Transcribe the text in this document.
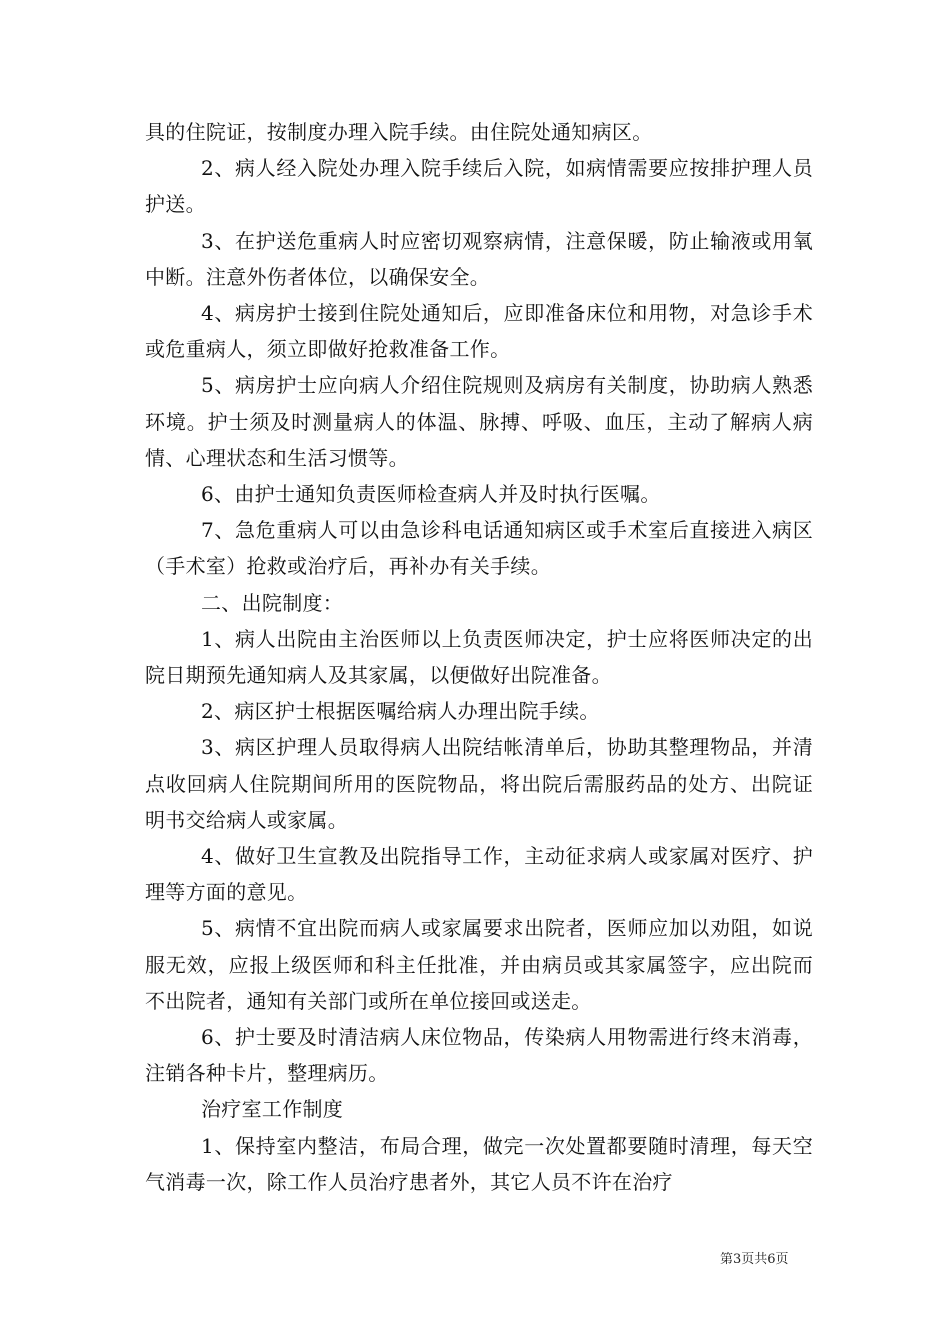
具的住院证，按制度办理入院手续。由住院处通知病区。

2、病人经入院处办理入院手续后入院，如病情需要应按排护理人员护送。

3、在护送危重病人时应密切观察病情，注意保暖，防止输液或用氧中断。注意外伤者体位，以确保安全。

4、病房护士接到住院处通知后，应即准备床位和用物，对急诊手术或危重病人，须立即做好抢救准备工作。

5、病房护士应向病人介绍住院规则及病房有关制度，协助病人熟悉环境。护士须及时测量病人的体温、脉搏、呼吸、血压，主动了解病人病情、心理状态和生活习惯等。

6、由护士通知负责医师检查病人并及时执行医嘱。

7、急危重病人可以由急诊科电话通知病区或手术室后直接进入病区（手术室）抢救或治疗后，再补办有关手续。

二、出院制度：

1、病人出院由主治医师以上负责医师决定，护士应将医师决定的出院日期预先通知病人及其家属，以便做好出院准备。

2、病区护士根据医嘱给病人办理出院手续。

3、病区护理人员取得病人出院结帐清单后，协助其整理物品，并清点收回病人住院期间所用的医院物品，将出院后需服药品的处方、出院证明书交给病人或家属。

4、做好卫生宣教及出院指导工作，主动征求病人或家属对医疗、护理等方面的意见。

5、病情不宜出院而病人或家属要求出院者，医师应加以劝阻，如说服无效，应报上级医师和科主任批准，并由病员或其家属签字，应出院而不出院者，通知有关部门或所在单位接回或送走。

6、护士要及时清洁病人床位物品，传染病人用物需进行终末消毒，注销各种卡片，整理病历。

治疗室工作制度

1、保持室内整洁，布局合理，做完一次处置都要随时清理，每天空气消毒一次，除工作人员治疗患者外，其它人员不许在治疗

第3页共6页
